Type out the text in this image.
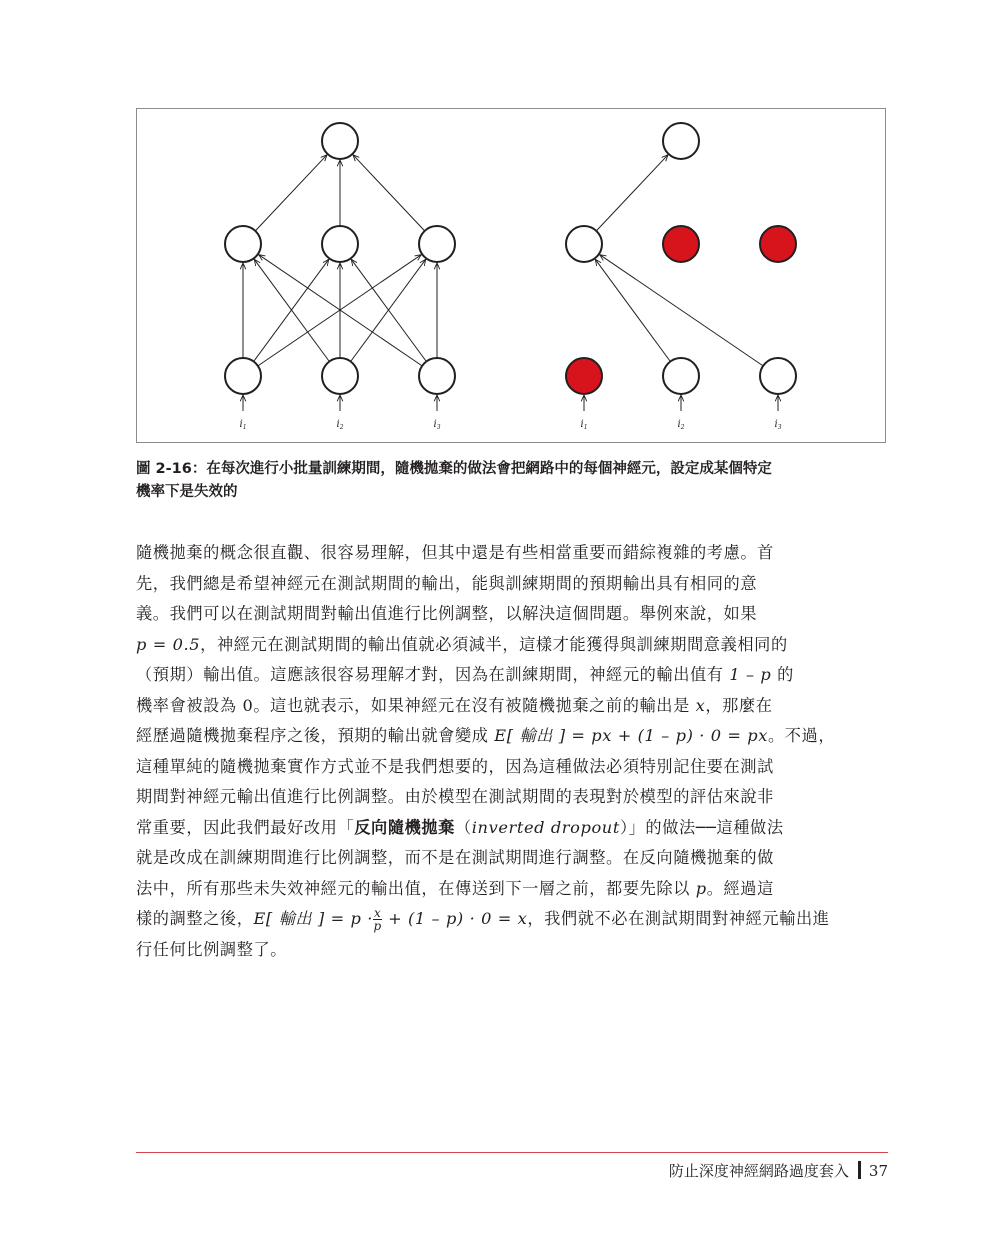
$i_1$	$i_2$	$i_3$	$i_1$	$i_2$	$i_3$
圖 2-16：在每次進行小批量訓練期間，隨機拋棄的做法會把網路中的每個神經元，設定成某個特定
機率下是失效的
隨機拋棄的概念很直觀、很容易理解，但其中還是有些相當重要而錯綜複雜的考慮。首
先，我們總是希望神經元在測試期間的輸出，能與訓練期間的預期輸出具有相同的意
義。我們可以在測試期間對輸出值進行比例調整，以解決這個問題。舉例來說，如果
p = 0.5，神經元在測試期間的輸出值就必須減半，這樣才能獲得與訓練期間意義相同的
（預期）輸出值。這應該很容易理解才對，因為在訓練期間，神經元的輸出值有 1 – p 的
機率會被設為 0。這也就表示，如果神經元在沒有被隨機拋棄之前的輸出是 x，那麼在
經歷過隨機拋棄程序之後，預期的輸出就會變成 E[ 輸出 ] = px + (1 – p) · 0 = px。不過，
這種單純的隨機拋棄實作方式並不是我們想要的，因為這種做法必須特別記住要在測試
期間對神經元輸出值進行比例調整。由於模型在測試期間的表現對於模型的評估來說非
常重要，因此我們最好改用「反向隨機拋棄（inverted dropout）」的做法──這種做法
就是改成在訓練期間進行比例調整，而不是在測試期間進行調整。在反向隨機拋棄的做
法中，所有那些未失效神經元的輸出值，在傳送到下一層之前，都要先除以 p。經過這
樣的調整之後，E[ 輸出 ] = $p \cdot \frac{x}{p} + (1 - p) \cdot 0 = x$，我們就不必在測試期間對神經元輸出進
行任何比例調整了。
防止深度神經網路過度套入 37
